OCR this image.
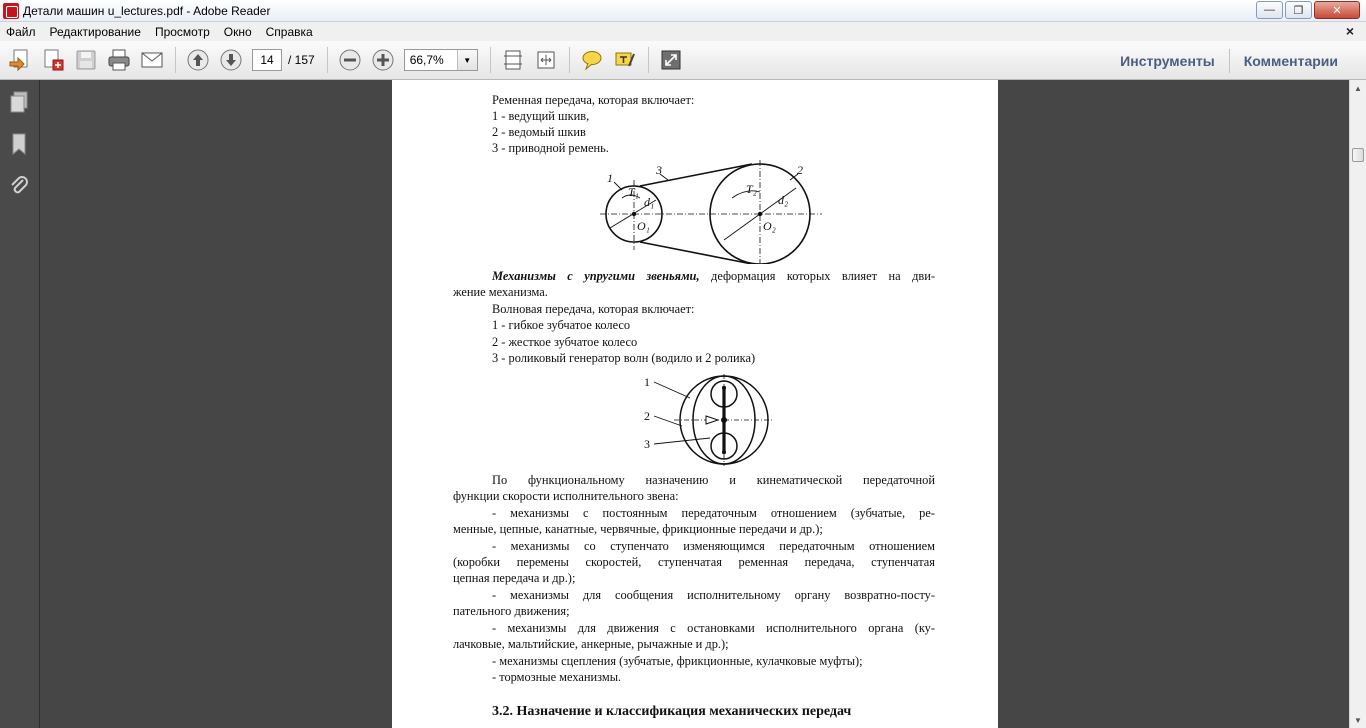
Детали машин u_lectures.pdf - Adobe Reader	—	❐	✕
Файл Редактирование Просмотр Окно Справка	×
14	/ 157	66,7%	▼	Инструменты	Комментарии
Ременная передача, которая включает:
1 - ведущий шкив,
2 - ведомый шкив
3 - приводной ремень.
1
3	2
T₁
d₁
O₁
T₂
d₂
O₂
Механизмы с упругими звеньями, деформация которых влияет на дви-
жение механизма.
Волновая передача, которая включает:
1 - гибкое зубчатое колесо
2 - жесткое зубчатое колесо
3 - роликовый генератор волн (водило и 2 ролика)
1
2
3
По функциональному назначению и кинематической передаточной
функции скорости исполнительного звена:
- механизмы с постоянным передаточным отношением (зубчатые, ре-
менные, цепные, канатные, червячные, фрикционные передачи и др.);
- механизмы со ступенчато изменяющимся передаточным отношением
(коробки перемены скоростей, ступенчатая ременная передача, ступенчатая
цепная передача и др.);
- механизмы для сообщения исполнительному органу возвратно-посту-
пательного движения;
- механизмы для движения с остановками исполнительного органа (ку-
лачковые, мальтийские, анкерные, рычажные и др.);
- механизмы сцепления (зубчатые, фрикционные, кулачковые муфты);
- тормозные механизмы.
3.2. Назначение и классификация механических передач
▲
▼
